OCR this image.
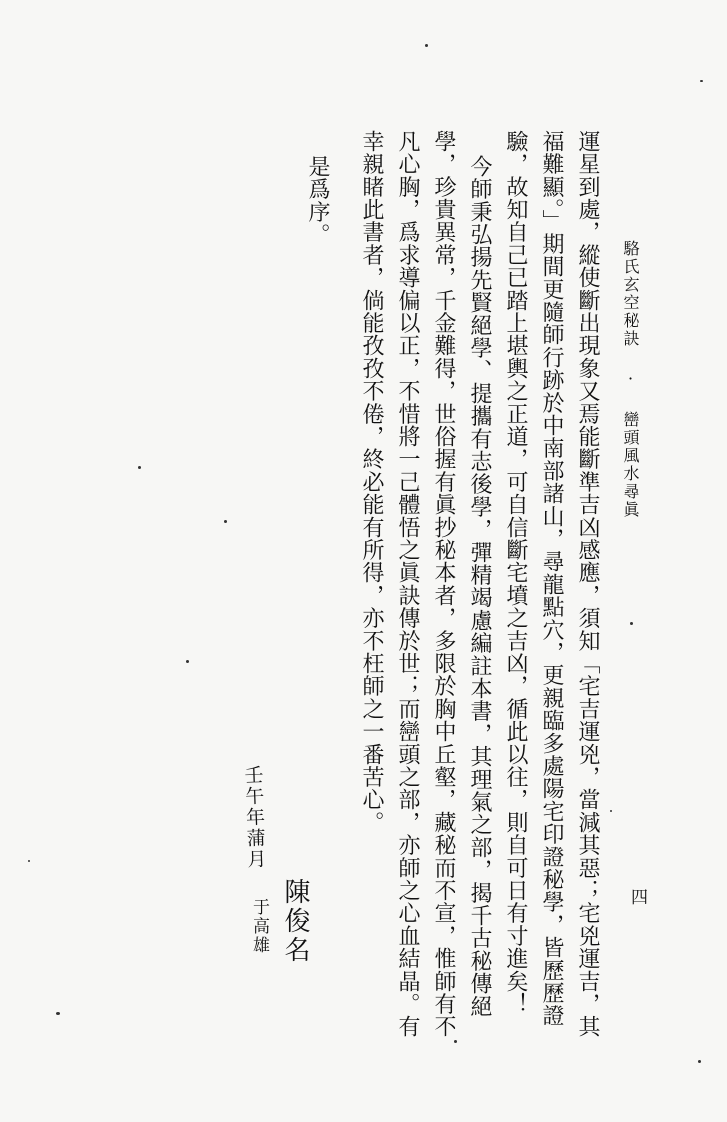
駱氏玄空秘訣 · 巒頭風水尋眞
四
運星到處，縱使斷出現象又焉能斷準吉凶感應，須知「宅吉運兇，當減其惡；宅兇運吉，其
福難顯。」期間更隨師行跡於中南部諸山，尋龍點穴，更親臨多處陽宅印證秘學，皆歷歷證
驗，故知自己已踏上堪輿之正道，可自信斷宅墳之吉凶，循此以往，則自可日有寸進矣！
今師秉弘揚先賢絕學、提攜有志後學，彈精竭慮編註本書，其理氣之部，揭千古秘傳絕
學，珍貴異常，千金難得，世俗握有眞抄秘本者，多限於胸中丘壑，藏秘而不宣，惟師有不
凡心胸，爲求導偏以正，不惜將一己體悟之眞訣傳於世；而巒頭之部，亦師之心血結晶。有
幸親睹此書者，倘能孜孜不倦，終必能有所得，亦不枉師之一番苦心。
是爲序。
壬午年蒲月
陳俊名
于高雄
